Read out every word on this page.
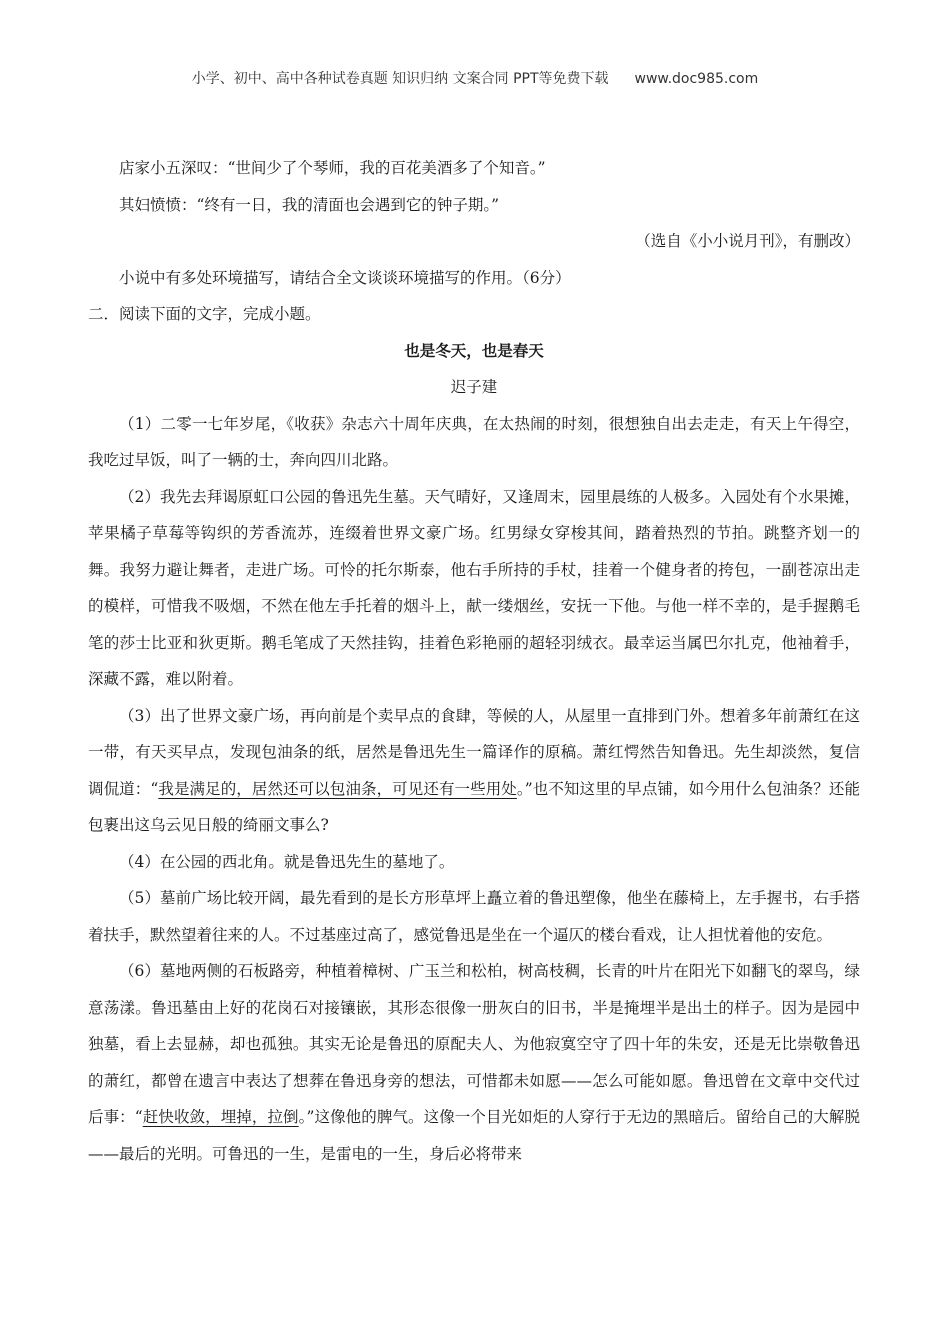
小学、初中、高中各种试卷真题 知识归纳 文案合同 PPT等免费下载 www.doc985.com

店家小五深叹：“世间少了个琴师，我的百花美酒多了个知音。”

其妇愤愤：“终有一日，我的清面也会遇到它的钟子期。”

（选自《小小说月刊》，有删改）

小说中有多处环境描写，请结合全文谈谈环境描写的作用。（6分）

二．阅读下面的文字，完成小题。

也是冬天，也是春天

迟子建

（1）二零一七年岁尾，《收获》杂志六十周年庆典，在太热闹的时刻，很想独自出去走走，有天上午得空，我吃过早饭，叫了一辆的士，奔向四川北路。

（2）我先去拜谒原虹口公园的鲁迅先生墓。天气晴好，又逢周末，园里晨练的人极多。入园处有个水果摊，苹果橘子草莓等钩织的芳香流苏，连缀着世界文豪广场。红男绿女穿梭其间，踏着热烈的节拍。跳整齐划一的舞。我努力避让舞者，走进广场。可怜的托尔斯泰，他右手所持的手杖，挂着一个健身者的挎包，一副苍凉出走的模样，可惜我不吸烟，不然在他左手托着的烟斗上，献一缕烟丝，安抚一下他。与他一样不幸的，是手握鹅毛笔的莎士比亚和狄更斯。鹅毛笔成了天然挂钩，挂着色彩艳丽的超轻羽绒衣。最幸运当属巴尔扎克，他袖着手，深藏不露，难以附着。

（3）出了世界文豪广场，再向前是个卖早点的食肆，等候的人，从屋里一直排到门外。想着多年前萧红在这一带，有天买早点，发现包油条的纸，居然是鲁迅先生一篇译作的原稿。萧红愕然告知鲁迅。先生却淡然，复信调侃道：“我是满足的，居然还可以包油条，可见还有一些用处。”也不知这里的早点铺，如今用什么包油条？还能包裹出这乌云见日般的绮丽文事么?

（4）在公园的西北角。就是鲁迅先生的墓地了。

（5）墓前广场比较开阔，最先看到的是长方形草坪上矗立着的鲁迅塑像，他坐在藤椅上，左手握书，右手搭着扶手，默然望着往来的人。不过基座过高了，感觉鲁迅是坐在一个逼仄的楼台看戏，让人担忧着他的安危。

（6）墓地两侧的石板路旁，种植着樟树、广玉兰和松柏，树高枝稠，长青的叶片在阳光下如翻飞的翠鸟，绿意荡漾。鲁迅墓由上好的花岗石对接镶嵌，其形态很像一册灰白的旧书，半是掩埋半是出土的样子。因为是园中独墓，看上去显赫，却也孤独。其实无论是鲁迅的原配夫人、为他寂寞空守了四十年的朱安，还是无比崇敬鲁迅的萧红，都曾在遗言中表达了想葬在鲁迅身旁的想法，可惜都未如愿——怎么可能如愿。鲁迅曾在文章中交代过后事：“赶快收敛，埋掉，拉倒。”这像他的脾气。这像一个目光如炬的人穿行于无边的黑暗后。留给自己的大解脱——最后的光明。可鲁迅的一生，是雷电的一生，身后必将带来
